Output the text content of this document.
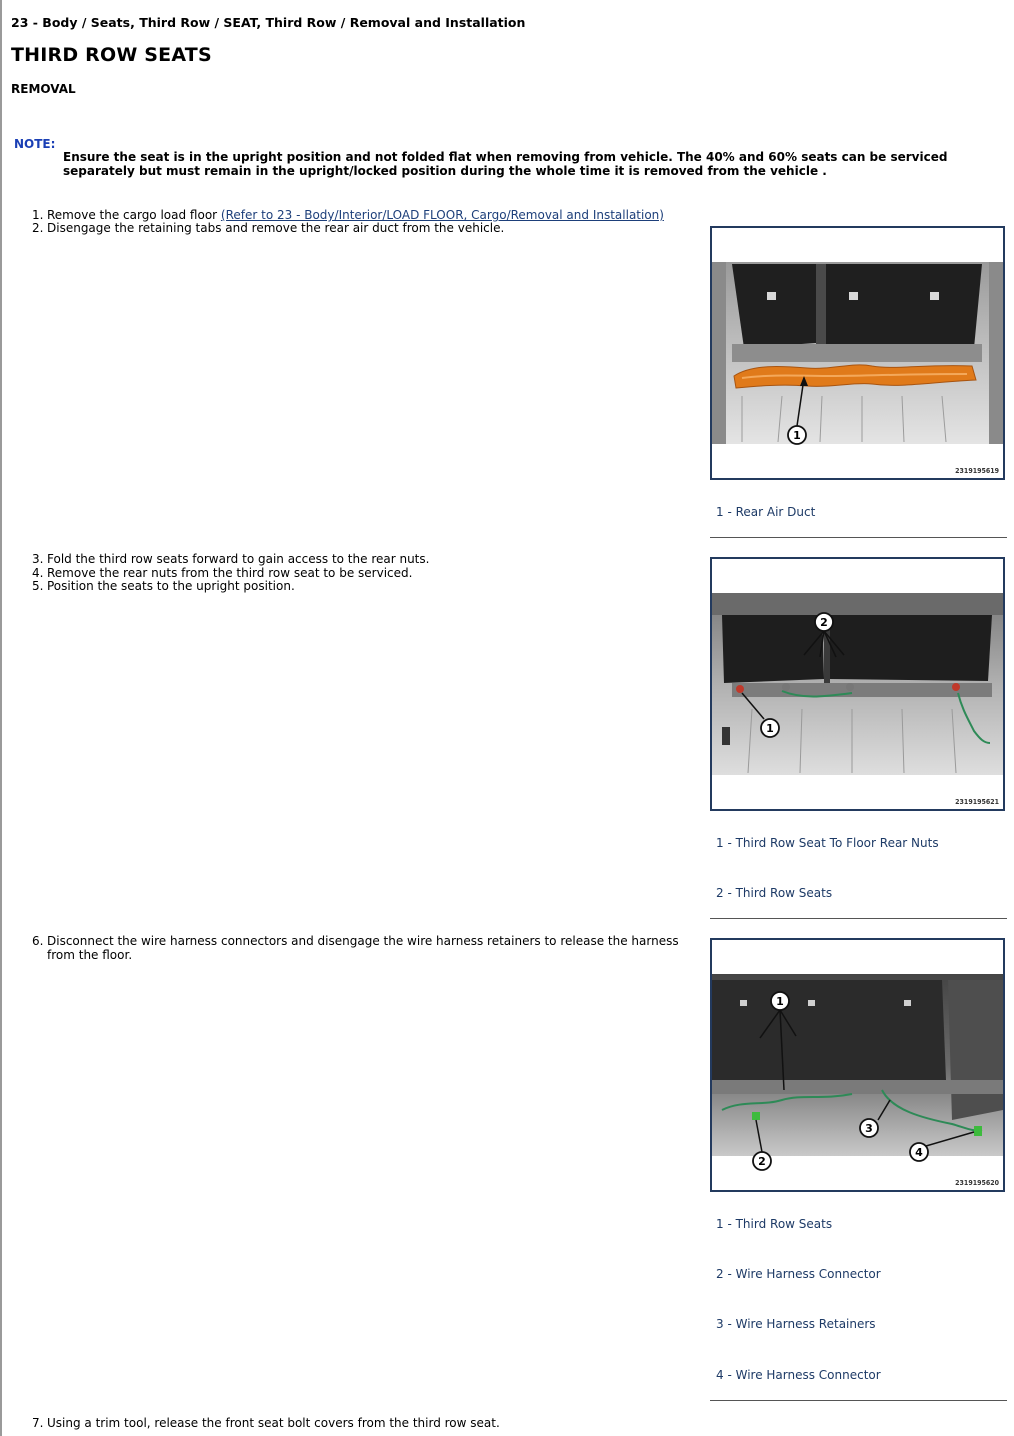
23 - Body / Seats, Third Row / SEAT, Third Row / Removal and Installation
THIRD ROW SEATS
REMOVAL
NOTE:
Ensure the seat is in the upright position and not folded flat when removing from vehicle. The 40% and 60% seats can be serviced separately but must remain in the upright/locked position during the whole time it is removed from the vehicle .
1. Remove the cargo load floor (Refer to 23 - Body/Interior/LOAD FLOOR, Cargo/Removal and Installation)
2. Disengage the retaining tabs and remove the rear air duct from the vehicle.
3. Fold the third row seats forward to gain access to the rear nuts.
4. Remove the rear nuts from the third row seat to be serviced.
5. Position the seats to the upright position.
6. Disconnect the wire harness connectors and disengage the wire harness retainers to release the harness
from the floor.
7. Using a trim tool, release the front seat bolt covers from the third row seat.
1
2319195619
1 - Rear Air Duct
2
1
2319195621
1 - Third Row Seat To Floor Rear Nuts
2 - Third Row Seats
1
2
3
4
2319195620
1 - Third Row Seats
2 - Wire Harness Connector
3 - Wire Harness Retainers
4 - Wire Harness Connector
